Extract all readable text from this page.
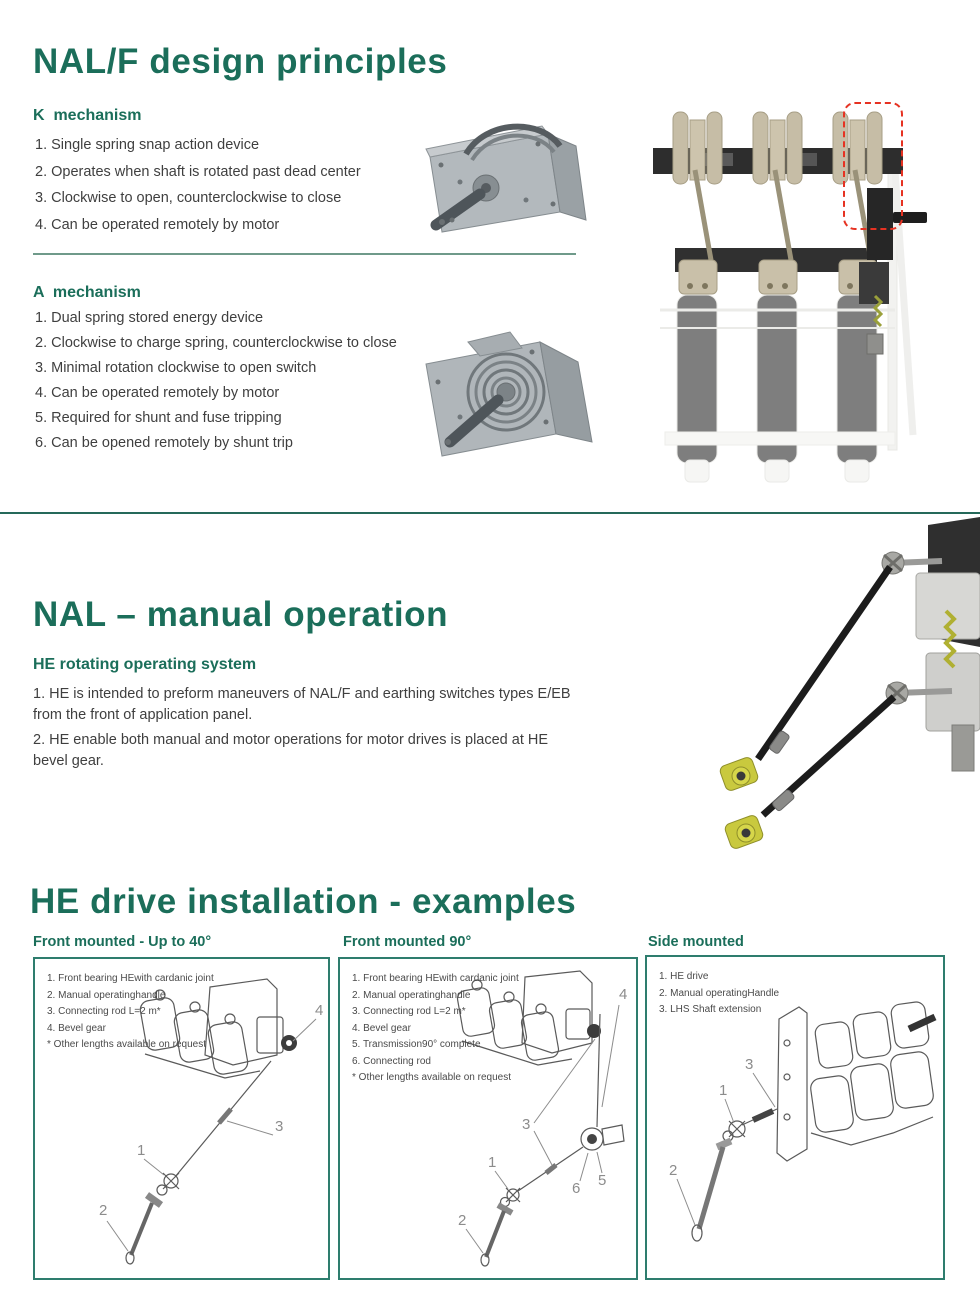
NAL/F design principles
K  mechanism
1. Single spring snap action device
2. Operates when shaft is rotated past dead center
3. Clockwise to open, counterclockwise to close
4. Can be operated remotely by motor
A  mechanism
1. Dual spring stored energy device
2. Clockwise to charge spring, counterclockwise to close
3. Minimal rotation clockwise to open switch
4. Can be operated remotely by motor
5. Required for shunt and fuse tripping
6. Can be opened remotely by shunt trip
NAL – manual operation
HE rotating operating system
1. HE is intended to preform maneuvers of NAL/F and earthing switches types E/EB from the front of application panel.
2. HE enable both manual and motor operations for motor drives is placed at HE bevel gear.
HE drive installation - examples
Front mounted - Up to 40°	Front mounted 90°	Side mounted
1. Front bearing HEwith cardanic joint
2. Manual operatinghandle
3. Connecting rod L=2 m*
4. Bevel gear
* Other lengths available on request
4
3
1
2
1. Front bearing HEwith cardanic joint
2. Manual operatinghandle
3. Connecting rod L=2 m*
4. Bevel gear
5. Transmission90° complete
6. Connecting rod
* Other lengths available on request
4
3
1
2
5
6
1. HE drive
2. Manual operatingHandle
3. LHS Shaft extension
3
1
2
